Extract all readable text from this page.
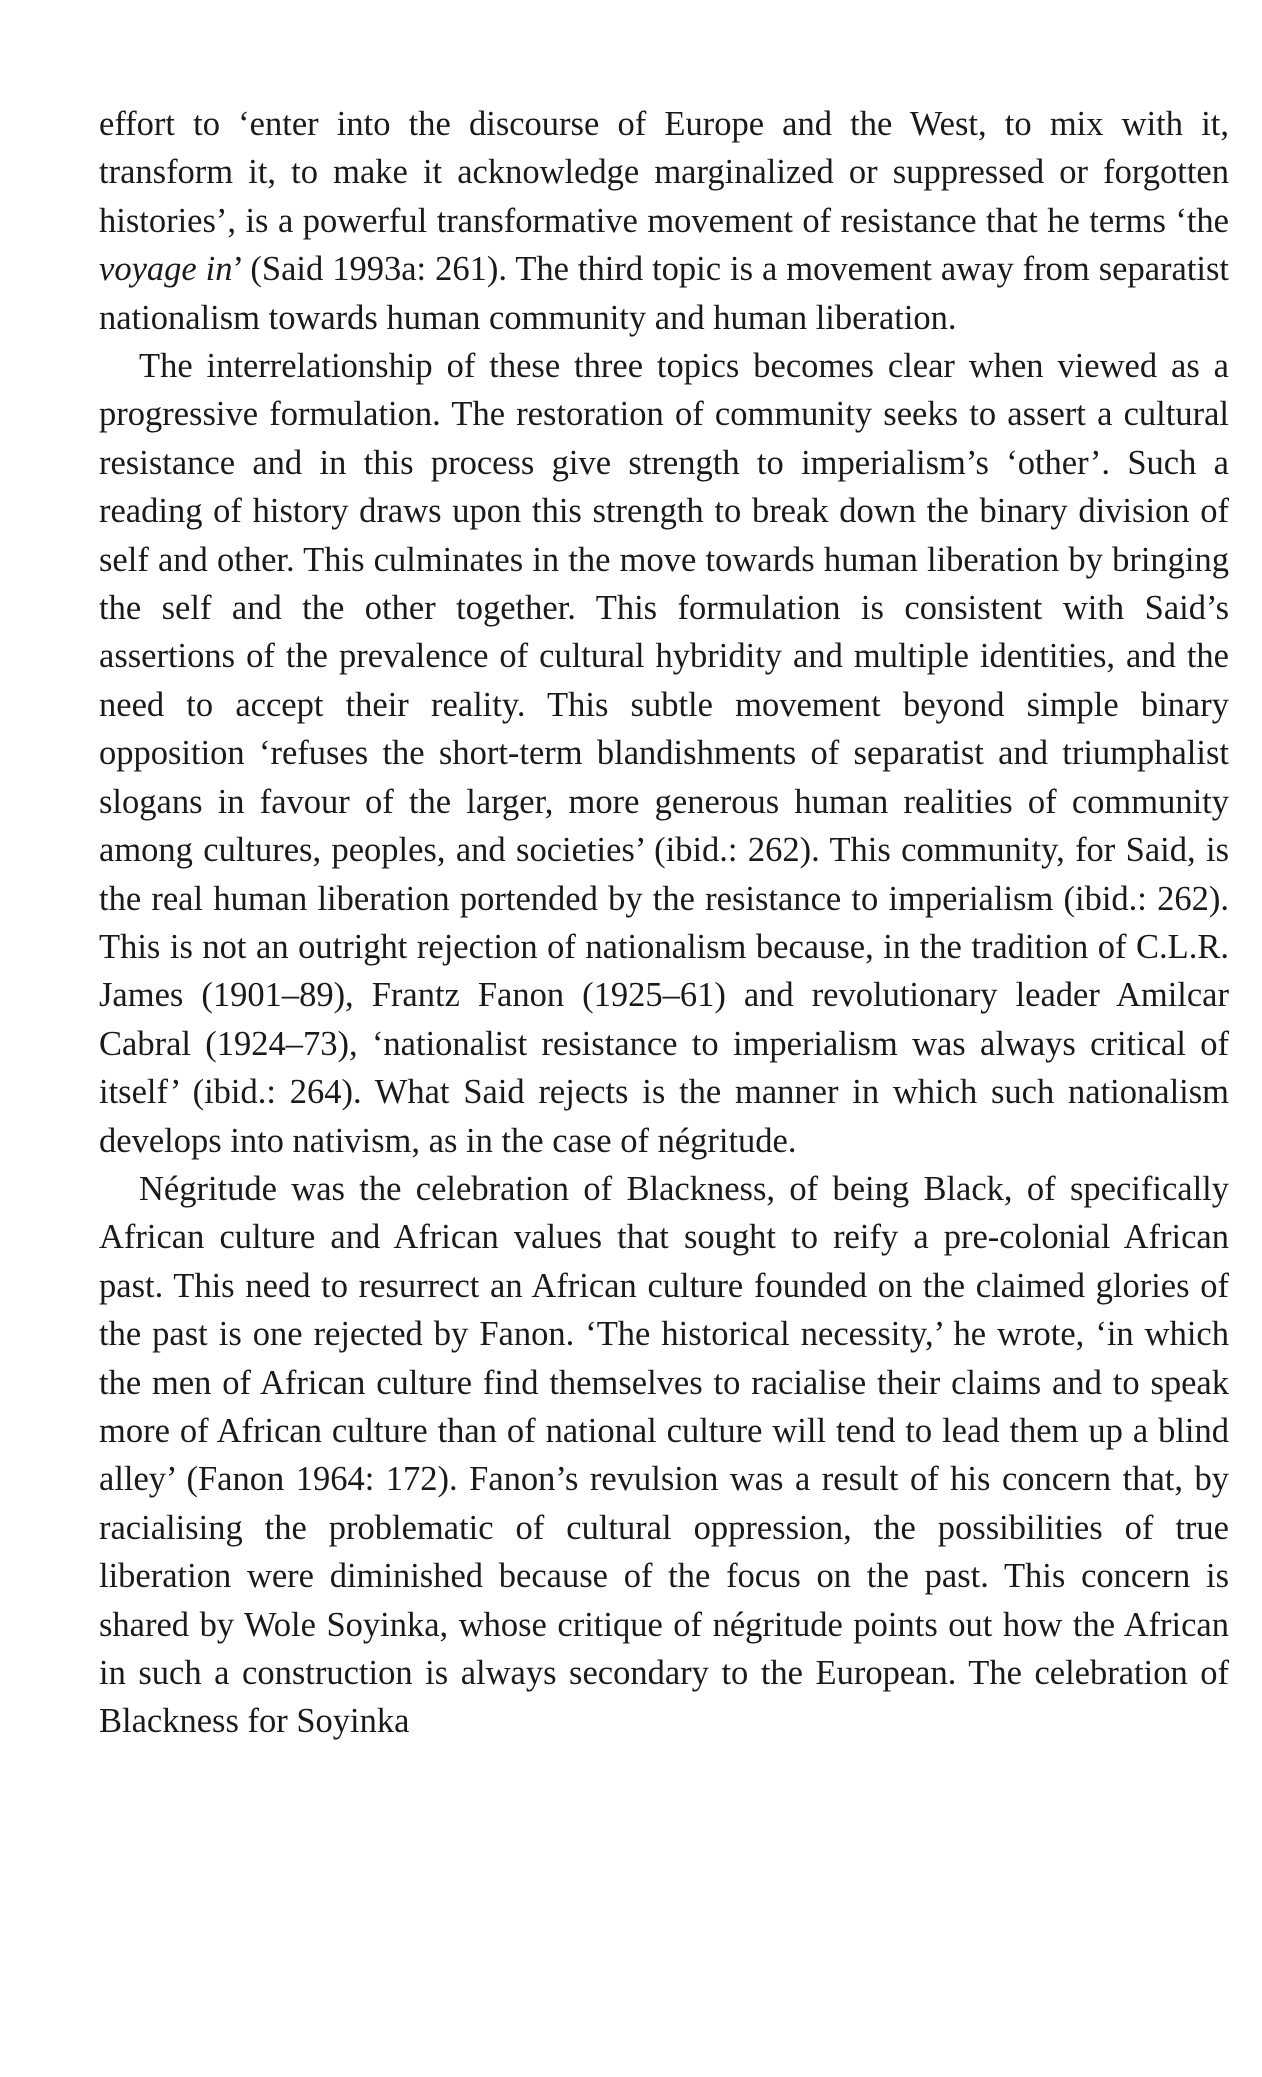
effort to ‘enter into the discourse of Europe and the West, to mix with it, transform it, to make it acknowledge marginalized or suppressed or forgotten histories’, is a powerful transformative movement of resistance that he terms ‘the voyage in’ (Said 1993a: 261). The third topic is a movement away from separatist nationalism towards human community and human liberation.

The interrelationship of these three topics becomes clear when viewed as a progressive formulation. The restoration of community seeks to assert a cultural resistance and in this process give strength to imperialism’s ‘other’. Such a reading of history draws upon this strength to break down the binary division of self and other. This culminates in the move towards human liberation by bringing the self and the other together. This formulation is consistent with Said’s assertions of the prevalence of cultural hybridity and multiple identities, and the need to accept their reality. This subtle movement beyond simple binary opposition ‘refuses the short-term blandishments of separatist and triumphalist slogans in favour of the larger, more generous human realities of community among cultures, peoples, and societies’ (ibid.: 262). This community, for Said, is the real human liberation portended by the resistance to imperialism (ibid.: 262). This is not an outright rejection of nationalism because, in the tradition of C.L.R. James (1901–89), Frantz Fanon (1925–61) and revolutionary leader Amilcar Cabral (1924–73), ‘nationalist resistance to imperialism was always critical of itself’ (ibid.: 264). What Said rejects is the manner in which such nationalism develops into nativism, as in the case of négritude.

Négritude was the celebration of Blackness, of being Black, of specifically African culture and African values that sought to reify a pre-colonial African past. This need to resurrect an African culture founded on the claimed glories of the past is one rejected by Fanon. ‘The historical necessity,’ he wrote, ‘in which the men of African culture find themselves to racialise their claims and to speak more of African culture than of national culture will tend to lead them up a blind alley’ (Fanon 1964: 172). Fanon’s revulsion was a result of his concern that, by racialising the problematic of cultural oppression, the possibilities of true liberation were diminished because of the focus on the past. This concern is shared by Wole Soyinka, whose critique of négritude points out how the African in such a construction is always secondary to the European. The celebration of Blackness for Soyinka
